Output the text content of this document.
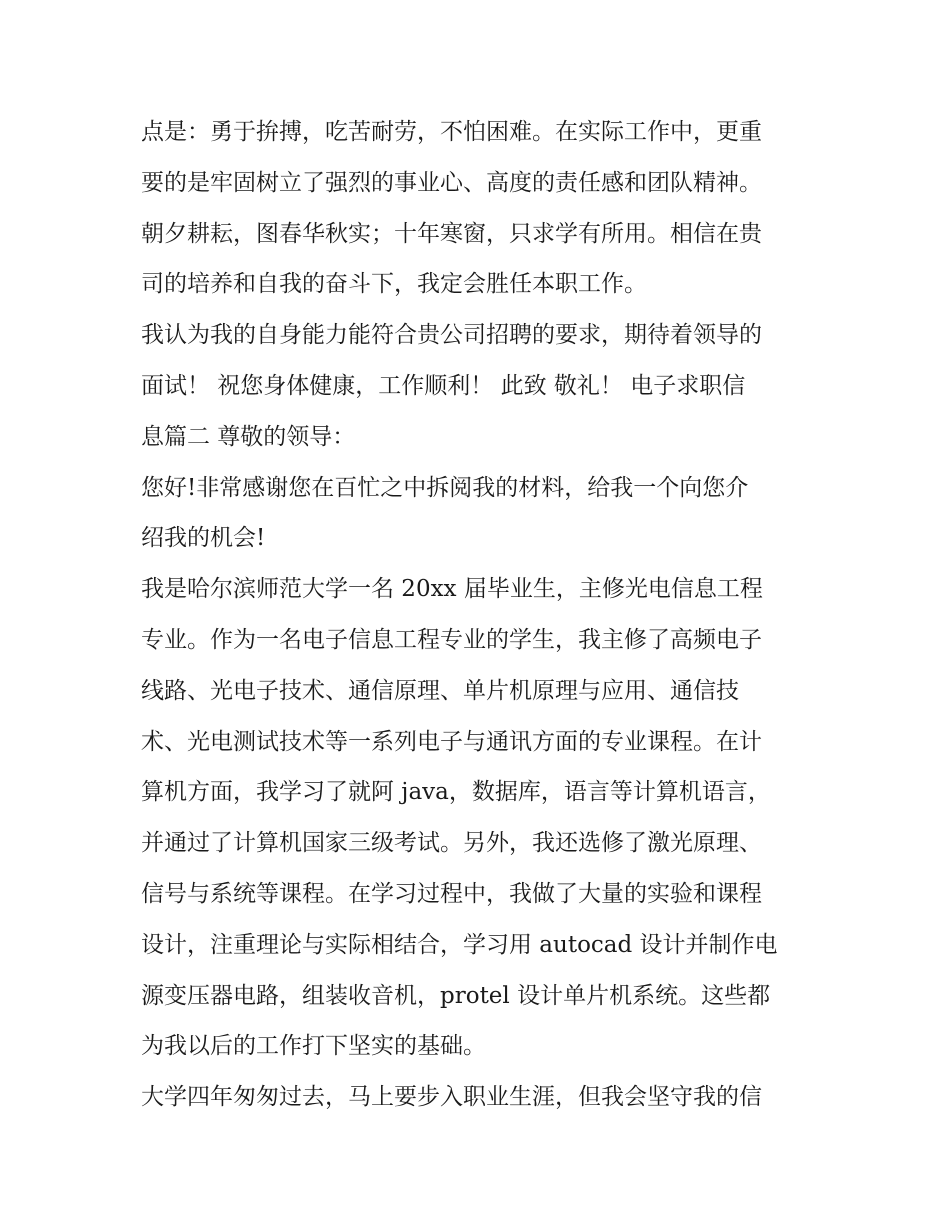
点是：勇于拚搏，吃苦耐劳，不怕困难。在实际工作中，更重
要的是牢固树立了强烈的事业心、高度的责任感和团队精神。
朝夕耕耘，图春华秋实；十年寒窗，只求学有所用。相信在贵
司的培养和自我的奋斗下，我定会胜任本职工作。
我认为我的自身能力能符合贵公司招聘的要求，期待着领导的
面试！ 祝您身体健康，工作顺利！ 此致 敬礼！ 电子求职信
息篇二 尊敬的领导：
您好!非常感谢您在百忙之中拆阅我的材料，给我一个向您介
绍我的机会!
我是哈尔滨师范大学一名 20xx 届毕业生，主修光电信息工程
专业。作为一名电子信息工程专业的学生，我主修了高频电子
线路、光电子技术、通信原理、单片机原理与应用、通信技
术、光电测试技术等一系列电子与通讯方面的专业课程。在计
算机方面，我学习了就阿 java，数据库，语言等计算机语言，
并通过了计算机国家三级考试。另外，我还选修了激光原理、
信号与系统等课程。在学习过程中，我做了大量的实验和课程
设计，注重理论与实际相结合，学习用 autocad 设计并制作电
源变压器电路，组装收音机，protel 设计单片机系统。这些都
为我以后的工作打下坚实的基础。
大学四年匆匆过去，马上要步入职业生涯，但我会坚守我的信
